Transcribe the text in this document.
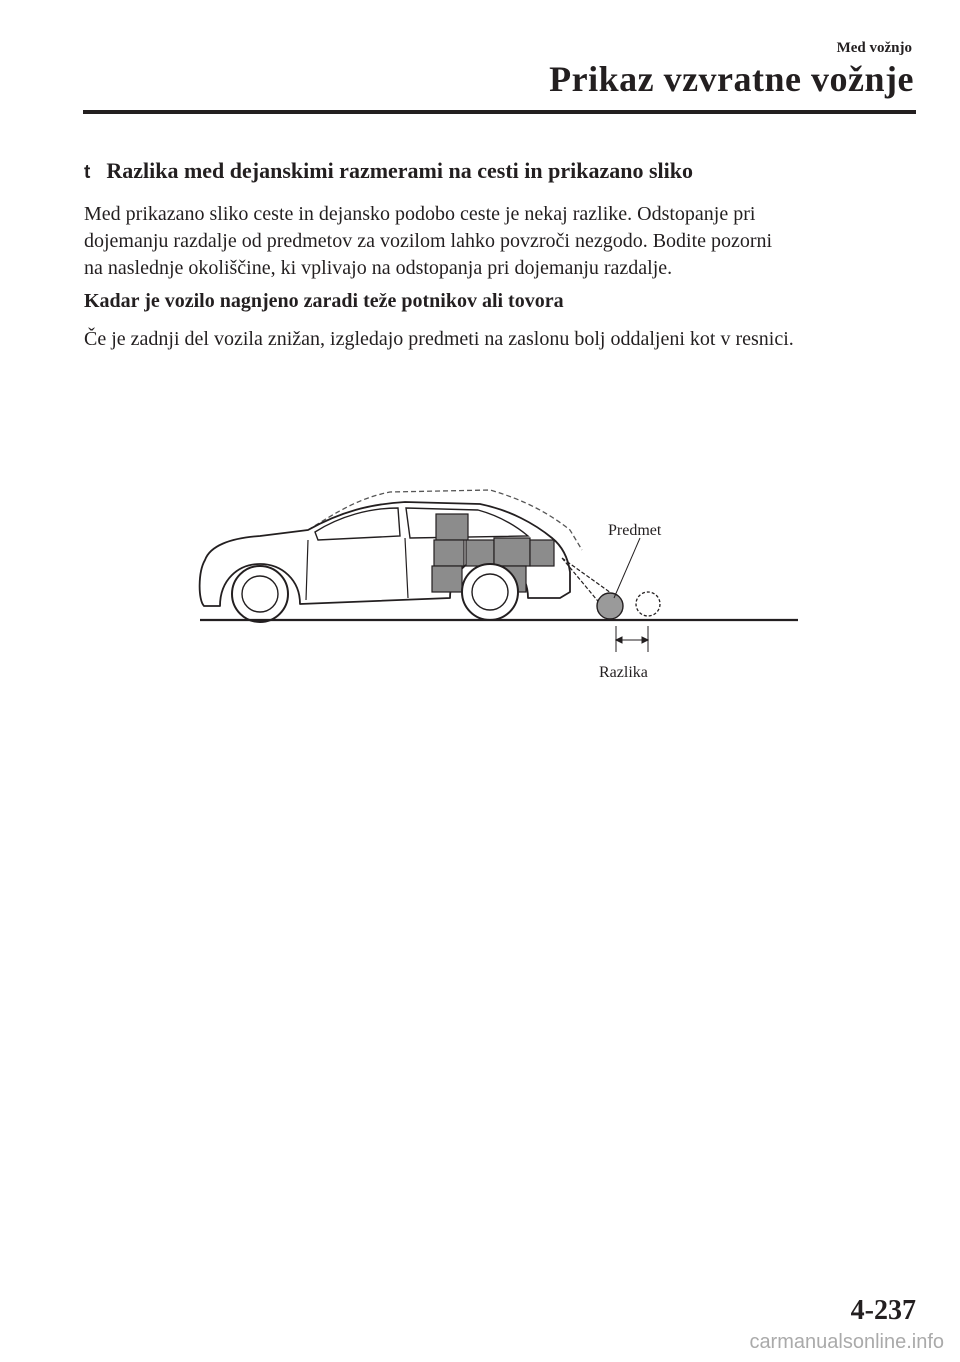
Med vožnjo
Prikaz vzvratne vožnje
t Razlika med dejanskimi razmerami na cesti in prikazano sliko
Med prikazano sliko ceste in dejansko podobo ceste je nekaj razlike. Odstopanje pri
dojemanju razdalje od predmetov za vozilom lahko povzroči nezgodo. Bodite pozorni
na naslednje okoliščine, ki vplivajo na odstopanja pri dojemanju razdalje.
Kadar je vozilo nagnjeno zaradi teže potnikov ali tovora
Če je zadnji del vozila znižan, izgledajo predmeti na zaslonu bolj oddaljeni kot v resnici.
Predmet
Razlika
4-237
carmanualsonline.info
